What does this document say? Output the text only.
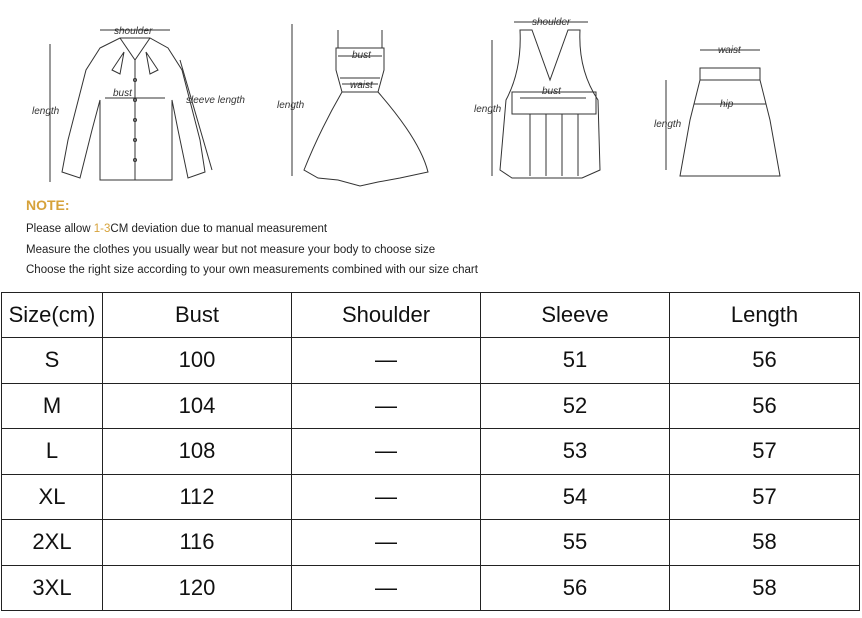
shoulder
bust
length
sleeve length
bust
waist
length
shoulder
bust
length
waist
hip
length
NOTE:
Please allow 1-3CM deviation due to manual measurement
Measure the clothes you usually wear but not measure your body to choose size
Choose the right size according to your own measurements combined with our size chart
Size(cm)	Bust	Shoulder	Sleeve	Length
S	100	—	51	56
M	104	—	52	56
L	108	—	53	57
XL	112	—	54	57
2XL	116	—	55	58
3XL	120	—	56	58
